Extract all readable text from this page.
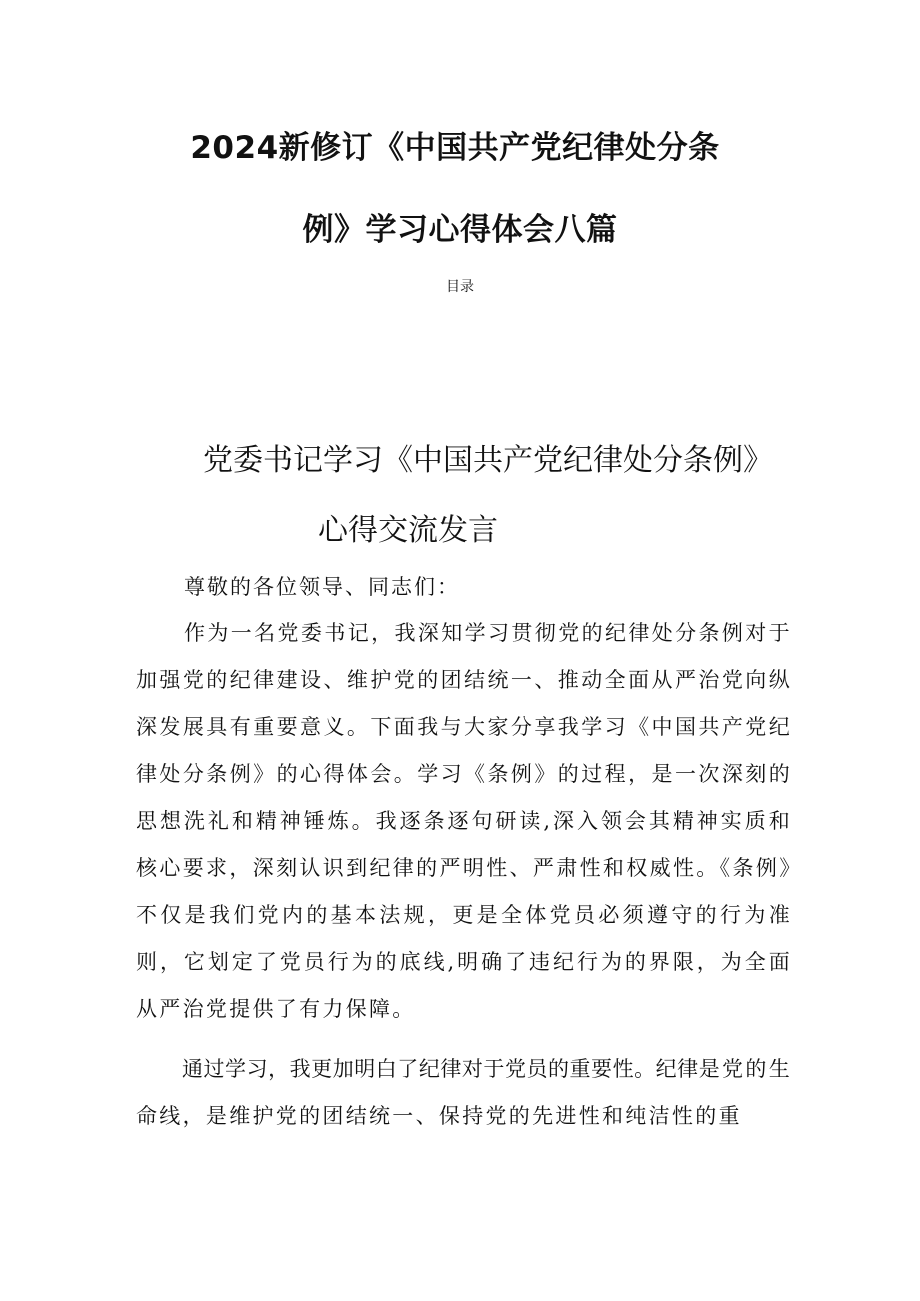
2024新修订《中国共产党纪律处分条
例》学习心得体会八篇
目录
党委书记学习《中国共产党纪律处分条例》
心得交流发言
尊敬的各位领导、同志们：
作为一名党委书记，我深知学习贯彻党的纪律处分条例对于加强党的纪律建设、维护党的团结统一、推动全面从严治党向纵深发展具有重要意义。下面我与大家分享我学习《中国共产党纪律处分条例》的心得体会。学习《条例》的过程，是一次深刻的思想洗礼和精神锤炼。我逐条逐句研读,深入领会其精神实质和核心要求，深刻认识到纪律的严明性、严肃性和权威性。《条例》不仅是我们党内的基本法规，更是全体党员必须遵守的行为准则，它划定了党员行为的底线,明确了违纪行为的界限，为全面从严治党提供了有力保障。
通过学习，我更加明白了纪律对于党员的重要性。纪律是党的生命线，是维护党的团结统一、保持党的先进性和纯洁性的重
